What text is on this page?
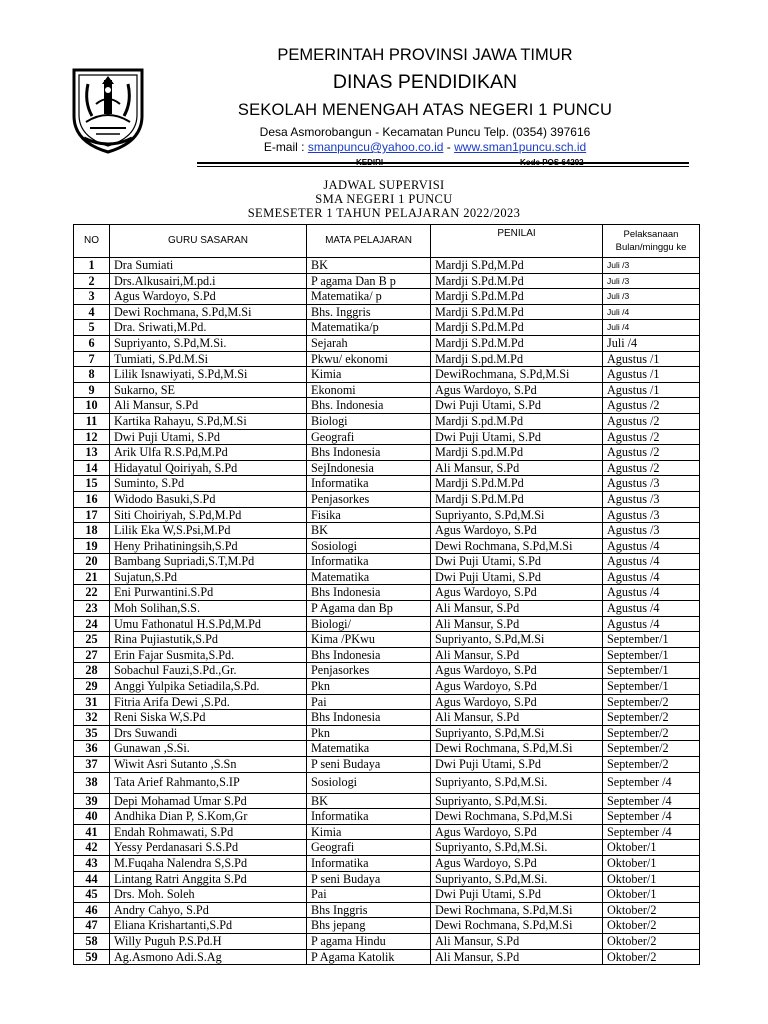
PEMERINTAH PROVINSI JAWA TIMUR
DINAS PENDIDIKAN
SEKOLAH MENENGAH ATAS NEGERI 1 PUNCU
Desa Asmorobangun - Kecamatan Puncu Telp. (0354) 397616
E-mail : smanpuncu@yahoo.co.id - www.sman1puncu.sch.id
JADWAL SUPERVISI
SMA NEGERI 1 PUNCU
SEMESETER 1 TAHUN PELAJARAN 2022/2023
NO	GURU SASARAN	MATA PELAJARAN	PENILAI	Pelaksanaan
Bulan/minggu ke

1	Dra Sumiati	BK	Mardji S.Pd,M.Pd	Juli /3
2	Drs.Alkusairi,M.pd.i	P agama Dan B p	Mardji S.Pd.M.Pd	Juli /3
3	Agus Wardoyo, S.Pd	Matematika/ p	Mardji S.Pd.M.Pd	Juli /3
4	Dewi Rochmana, S.Pd,M.Si	Bhs. Inggris	Mardji S.Pd.M.Pd	Juli /4
5	Dra. Sriwati,M.Pd.	Matematika/p	Mardji S.Pd.M.Pd	Juli /4
6	Supriyanto, S.Pd,M.Si.	Sejarah	Mardji S.Pd.M.Pd	Juli /4
7	Tumiati, S.Pd.M.Si	Pkwu/ ekonomi	Mardji S.pd.M.Pd	Agustus /1
8	Lilik Isnawiyati, S.Pd,M.Si	Kimia	DewiRochmana, S.Pd,M.Si	Agustus /1
9	Sukarno, SE	Ekonomi	Agus Wardoyo, S.Pd	Agustus /1
10	Ali Mansur, S.Pd	Bhs. Indonesia	Dwi Puji Utami, S.Pd	Agustus /2
11	Kartika Rahayu, S.Pd,M.Si	Biologi	Mardji S.pd.M.Pd	Agustus /2
12	Dwi Puji Utami, S.Pd	Geografi	Dwi Puji Utami, S.Pd	Agustus /2
13	Arik Ulfa R.S.Pd,M.Pd	Bhs Indonesia	Mardji S.pd.M.Pd	Agustus /2
14	Hidayatul Qoiriyah, S.Pd	SejIndonesia	Ali Mansur, S.Pd	Agustus /2
15	Suminto, S.Pd	Informatika	Mardji S.Pd.M.Pd	Agustus /3
16	Widodo Basuki,S.Pd	Penjasorkes	Mardji S.Pd.M.Pd	Agustus /3
17	Siti Choiriyah, S.Pd,M.Pd	Fisika	Supriyanto, S.Pd,M.Si	Agustus /3
18	Lilik Eka W,S.Psi,M.Pd	BK	Agus Wardoyo, S.Pd	Agustus /3
19	Heny Prihatiningsih,S.Pd	Sosiologi	Dewi Rochmana, S.Pd,M.Si	Agustus /4
20	Bambang Supriadi,S.T,M.Pd	Informatika	Dwi Puji Utami, S.Pd	Agustus /4
21	Sujatun,S.Pd	Matematika	Dwi Puji Utami, S.Pd	Agustus /4
22	Eni Purwantini.S.Pd	Bhs Indonesia	Agus Wardoyo, S.Pd	Agustus /4
23	Moh Solihan,S.S.	P Agama dan Bp	Ali Mansur, S.Pd	Agustus /4
24	Umu Fathonatul H.S.Pd,M.Pd	Biologi/	Ali Mansur, S.Pd	Agustus /4
25	Rina Pujiastutik,S.Pd	Kima /PKwu	Supriyanto, S.Pd,M.Si	September/1
27	Erin Fajar Susmita,S.Pd.	Bhs Indonesia	Ali Mansur, S.Pd	September/1
28	Sobachul Fauzi,S.Pd.,Gr.	Penjasorkes	Agus Wardoyo, S.Pd	September/1
29	Anggi Yulpika Setiadila,S.Pd.	Pkn	Agus Wardoyo, S.Pd	September/1
31	Fitria Arifa Dewi ,S.Pd.	Pai	Agus Wardoyo, S.Pd	September/2
32	Reni Siska W,S.Pd	Bhs Indonesia	Ali Mansur, S.Pd	September/2
35	Drs Suwandi	Pkn	Supriyanto, S.Pd,M.Si	September/2
36	Gunawan ,S.Si.	Matematika	Dewi Rochmana, S.Pd,M.Si	September/2
37	Wiwit Asri Sutanto ,S.Sn	P seni Budaya	Dwi Puji Utami, S.Pd	September/2
38	Tata Arief Rahmanto,S.IP	Sosiologi	Supriyanto, S.Pd,M.Si.	September /4
39	Depi Mohamad Umar S.Pd	BK	Supriyanto, S.Pd,M.Si.	September /4
40	Andhika Dian P, S.Kom,Gr	Informatika	Dewi Rochmana, S.Pd,M.Si	September /4
41	Endah Rohmawati, S.Pd	Kimia	Agus Wardoyo, S.Pd	September /4
42	Yessy Perdanasari S.S.Pd	Geografi	Supriyanto, S.Pd,M.Si.	Oktober/1
43	M.Fuqaha Nalendra S,S.Pd	Informatika	Agus Wardoyo, S.Pd	Oktober/1
44	Lintang Ratri Anggita S.Pd	P seni Budaya	Supriyanto, S.Pd,M.Si.	Oktober/1
45	Drs. Moh. Soleh	Pai	Dwi Puji Utami, S.Pd	Oktober/1
46	Andry Cahyo, S.Pd	Bhs Inggris	Dewi Rochmana, S.Pd,M.Si	Oktober/2
47	Eliana Krishartanti,S.Pd	Bhs jepang	Dewi Rochmana, S.Pd,M.Si	Oktober/2
58	Willy Puguh P.S.Pd.H	P agama Hindu	Ali Mansur, S.Pd	Oktober/2
59	Ag.Asmono Adi.S.Ag	P Agama Katolik	Ali Mansur, S.Pd	Oktober/2
